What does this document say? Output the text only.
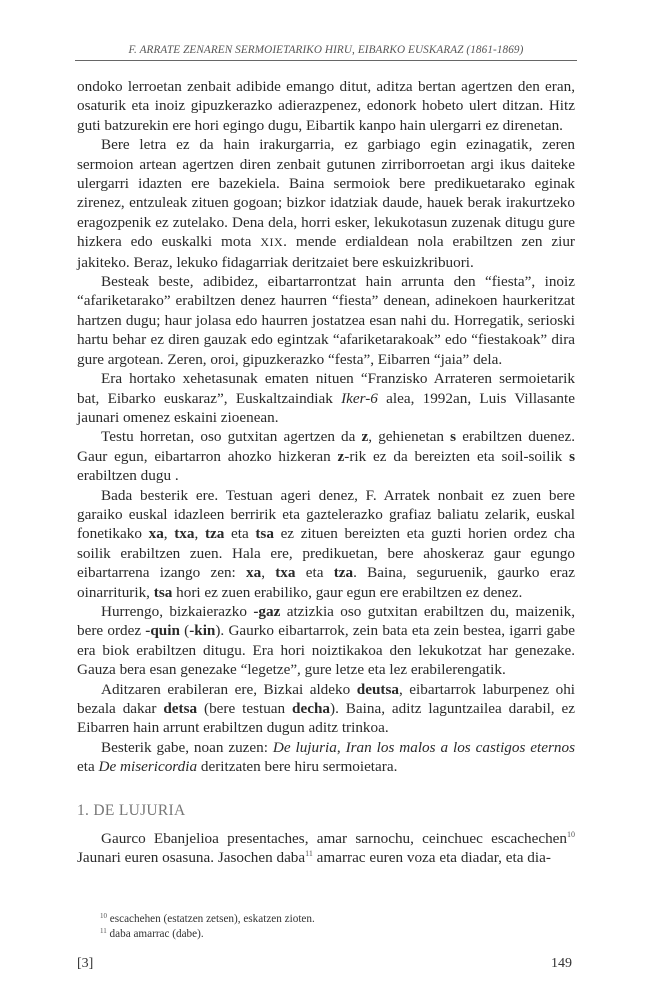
F. ARRATE ZENAREN SERMOIETARIKO HIRU, EIBARKO EUSKARAZ (1861-1869)

ondoko lerroetan zenbait adibide emango ditut, aditza bertan agertzen den eran, osaturik eta inoiz gipuzkerazko adierazpenez, edonork hobeto ulert ditzan. Hitz guti batzurekin ere hori egingo dugu, Eibartik kanpo hain ulergarri ez direnetan.

Bere letra ez da hain irakurgarria, ez garbiago egin ezinagatik, zeren sermoion artean agertzen diren zenbait gutunen zirriborroetan argi ikus daiteke ulergarri idazten ere bazekiela. Baina sermoiok bere predikuetarako eginak zirenez, entzuleak zituen gogoan; bizkor idatziak daude, hauek berak irakurtzeko eragozpenik ez zutelako. Dena dela, horri esker, lekukotasun zuzenak ditugu gure hizkera edo euskalki mota XIX. mende erdialdean nola erabiltzen zen ziur jakiteko. Beraz, lekuko fidagarriak deritzaiet bere eskuizkribuori.

Besteak beste, adibidez, eibartarrontzat hain arrunta den “fiesta”, inoiz “afariketarako” erabiltzen denez haurren “fiesta” denean, adinekoen haurkeritzat hartzen dugu; haur jolasa edo haurren jostatzea esan nahi du. Horregatik, serioski hartu behar ez diren gauzak edo egintzak “afariketarakoak” edo “fiestakoak” dira gure argotean. Zeren, oroi, gipuzkerazko “festa”, Eibarren “jaia” dela.

Era hortako xehetasunak ematen nituen “Franzisko Arrateren sermoietarik bat, Eibarko euskaraz”, Euskaltzaindiak Iker-6 alea, 1992an, Luis Villasante jaunari omenez eskaini zioenean.

Testu horretan, oso gutxitan agertzen da z, gehienetan s erabiltzen duenez. Gaur egun, eibartarron ahozko hizkeran z-rik ez da bereizten eta soil-soilik s erabiltzen dugu .

Bada besterik ere. Testuan ageri denez, F. Arratek nonbait ez zuen bere garaiko euskal idazleen berririk eta gaztelerazko grafiaz baliatu zelarik, euskal fonetikako xa, txa, tza eta tsa ez zituen bereizten eta guzti horien ordez cha soilik erabiltzen zuen. Hala ere, predikuetan, bere ahoskeraz gaur egungo eibartarrena izango zen: xa, txa eta tza. Baina, seguruenik, gaurko eraz oinarriturik, tsa hori ez zuen erabiliko, gaur egun ere erabiltzen ez denez.

Hurrengo, bizkaierazko -gaz atzizkia oso gutxitan erabiltzen du, maizenik, bere ordez -quin (-kin). Gaurko eibartarrok, zein bata eta zein bestea, igarri gabe era biok erabiltzen ditugu. Era hori noiztikakoa den lekukotzat har genezake. Gauza bera esan genezake “legetze”, gure letze eta lez erabilerengatik.

Aditzaren erabileran ere, Bizkai aldeko deutsa, eibartarrok laburpenez ohi bezala dakar detsa (bere testuan decha). Baina, aditz laguntzailea darabil, ez Eibarren hain arrunt erabiltzen dugun aditz trinkoa.

Besterik gabe, noan zuzen: De lujuria, Iran los malos a los castigos eternos eta De misericordia deritzaten bere hiru sermoietara.

1. DE LUJURIA

Gaurco Ebanjelioa presentaches, amar sarnochu, ceinchuec escachechen$^{10}$ Jaunari euren osasuna. Jasochen daba$^{11}$ amarrac euren voza eta diadar, eta dia-

$^{10}$ escachehen (estatzen zetsen), eskatzen zioten.
$^{11}$ daba amarrac (dabe).
[3]	149
